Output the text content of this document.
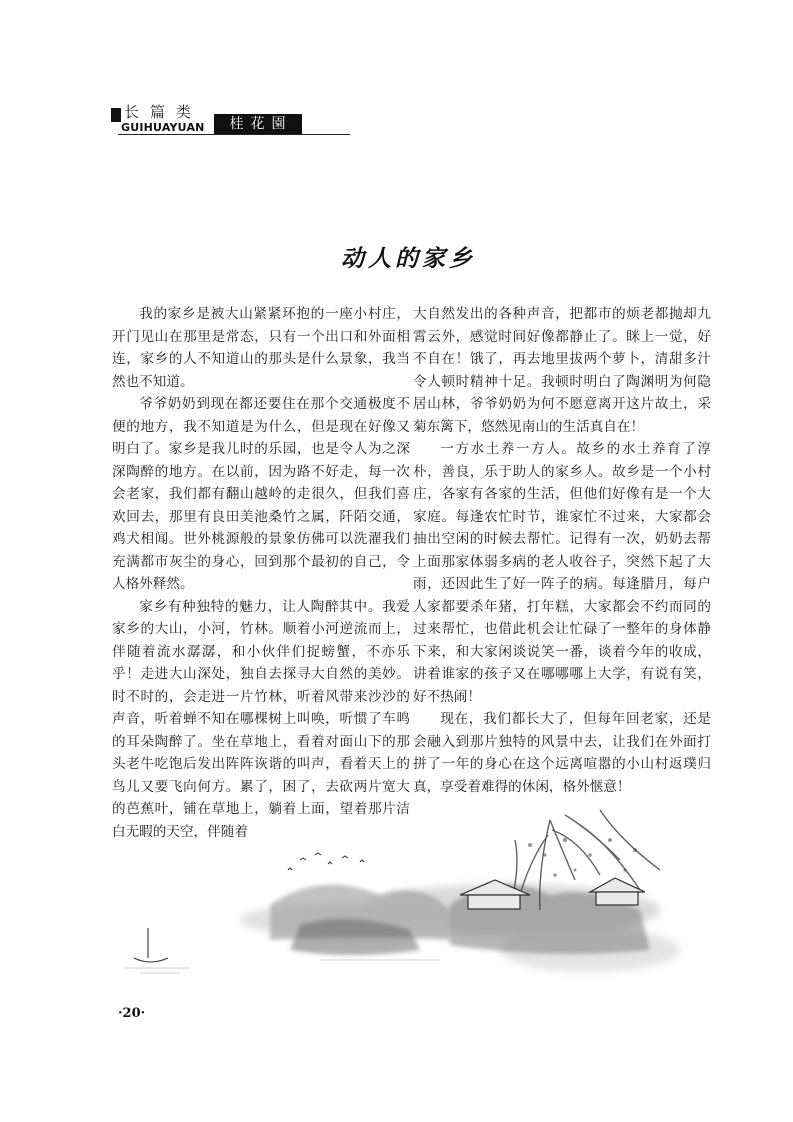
长篇类
GUIHUAYUAN	桂花園
动人的家乡

我的家乡是被大山紧紧环抱的一座小村庄，开门见山在那里是常态，只有一个出口和外面相连，家乡的人不知道山的那头是什么景象，我当然也不知道。

爷爷奶奶到现在都还要住在那个交通极度不便的地方，我不知道是为什么，但是现在好像又明白了。家乡是我儿时的乐园，也是令人为之深深陶醉的地方。在以前，因为路不好走，每一次会老家，我们都有翻山越岭的走很久，但我们喜欢回去，那里有良田美池桑竹之属，阡陌交通，鸡犬相闻。世外桃源般的景象仿佛可以洗濯我们充满都市灰尘的身心，回到那个最初的自己，令人格外释然。

家乡有种独特的魅力，让人陶醉其中。我爱家乡的大山，小河，竹林。顺着小河逆流而上，伴随着流水潺潺，和小伙伴们捉螃蟹，不亦乐乎！走进大山深处，独自去探寻大自然的美妙。时不时的，会走进一片竹林，听着风带来沙沙的声音，听着蝉不知在哪棵树上叫唤，听惯了车鸣的耳朵陶醉了。坐在草地上，看着对面山下的那头老牛吃饱后发出阵阵诙谐的叫声，看着天上的鸟儿又要飞向何方。累了，困了，去砍两片宽大的芭蕉叶，铺在草地上，躺着上面，望着那片洁白无暇的天空，伴随着

大自然发出的各种声音，把都市的烦老都抛却九霄云外，感觉时间好像都静止了。眯上一觉，好不自在！饿了，再去地里拔两个萝卜，清甜多汁令人顿时精神十足。我顿时明白了陶渊明为何隐居山林，爷爷奶奶为何不愿意离开这片故土，采菊东篱下，悠然见南山的生活真自在！

一方水土养一方人。故乡的水土养育了淳朴，善良，乐于助人的家乡人。故乡是一个小村庄，各家有各家的生活，但他们好像有是一个大家庭。每逢农忙时节，谁家忙不过来，大家都会抽出空闲的时候去帮忙。记得有一次，奶奶去帮上面那家体弱多病的老人收谷子，突然下起了大雨，还因此生了好一阵子的病。每逢腊月，每户人家都要杀年猪，打年糕，大家都会不约而同的过来帮忙，也借此机会让忙碌了一整年的身体静下来，和大家闲谈说笑一番，谈着今年的收成，讲着谁家的孩子又在哪哪哪上大学，有说有笑，好不热闹！

现在，我们都长大了，但每年回老家，还是会融入到那片独特的风景中去，让我们在外面打拼了一年的身心在这个远离喧嚣的小山村返璞归真，享受着难得的休闲，格外惬意！

·20·
